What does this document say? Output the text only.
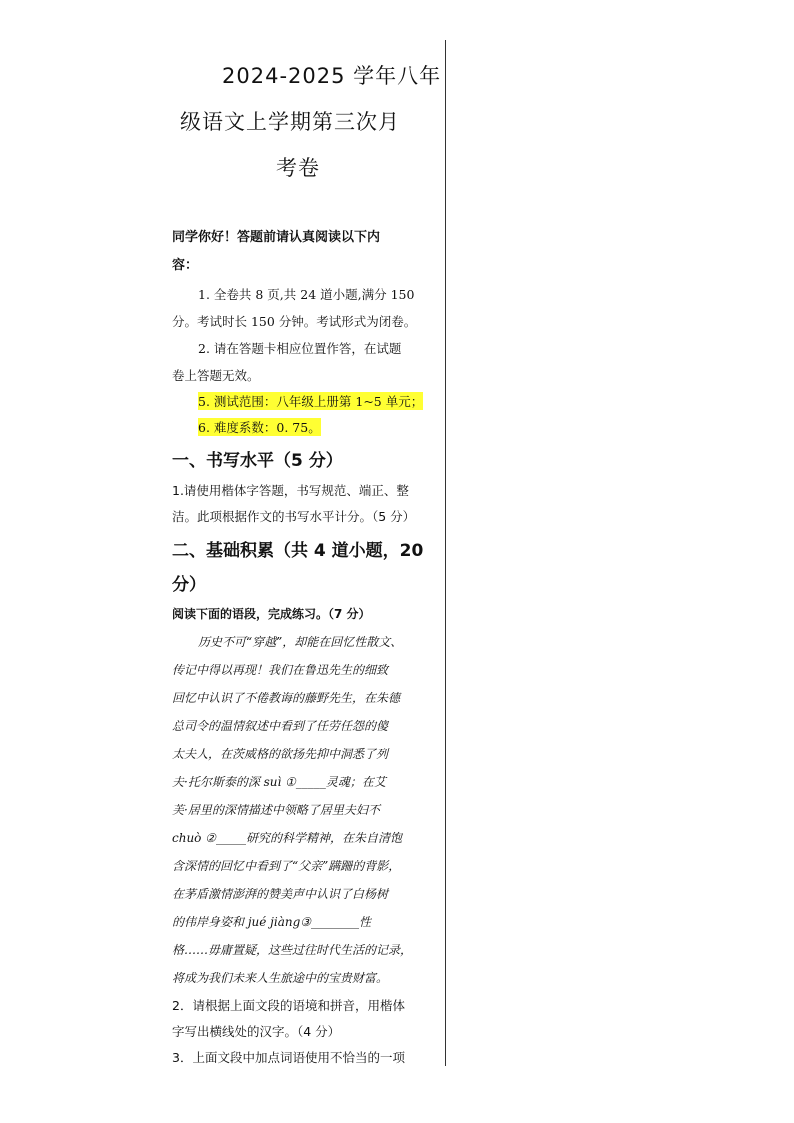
2024-2025 学年八年
级语文上学期第三次月
考卷
同学你好！答题前请认真阅读以下内
容：
1. 全卷共 8 页,共 24 道小题,满分 150
分。考试时长 150 分钟。考试形式为闭卷。
2. 请在答题卡相应位置作答，在试题
卷上答题无效。
5. 测试范围：八年级上册第 1~5 单元；
6. 难度系数：0. 75。
一、书写水平（5 分）
1.请使用楷体字答题，书写规范、端正、整
洁。此项根据作文的书写水平计分。（5 分）
二、基础积累（共 4 道小题，20
分）
阅读下面的语段，完成练习。（7 分）
历史不可“穿越”，却能在回忆性散文、
传记中得以再现！我们在鲁迅先生的细致
回忆中认识了不倦教诲的藤野先生，在朱德
总司令的温情叙述中看到了任劳任怨的傻
太夫人，在茨威格的欲扬先抑中洞悉了列
夫·托尔斯泰的深 suì ①_____灵魂；在艾
芙·居里的深情描述中领略了居里夫妇不
chuò ②_____研究的科学精神，在朱自清饱
含深情的回忆中看到了“父亲”蹒跚的背影，
在茅盾激情澎湃的赞美声中认识了白杨树
的伟岸身姿和 jué jiàng③________性
格……毋庸置疑，这些过往时代生活的记录，
将成为我们未来人生旅途中的宝贵财富。
2．请根据上面文段的语境和拼音，用楷体
字写出横线处的汉字。（4 分）
3．上面文段中加点词语使用不恰当的一项
